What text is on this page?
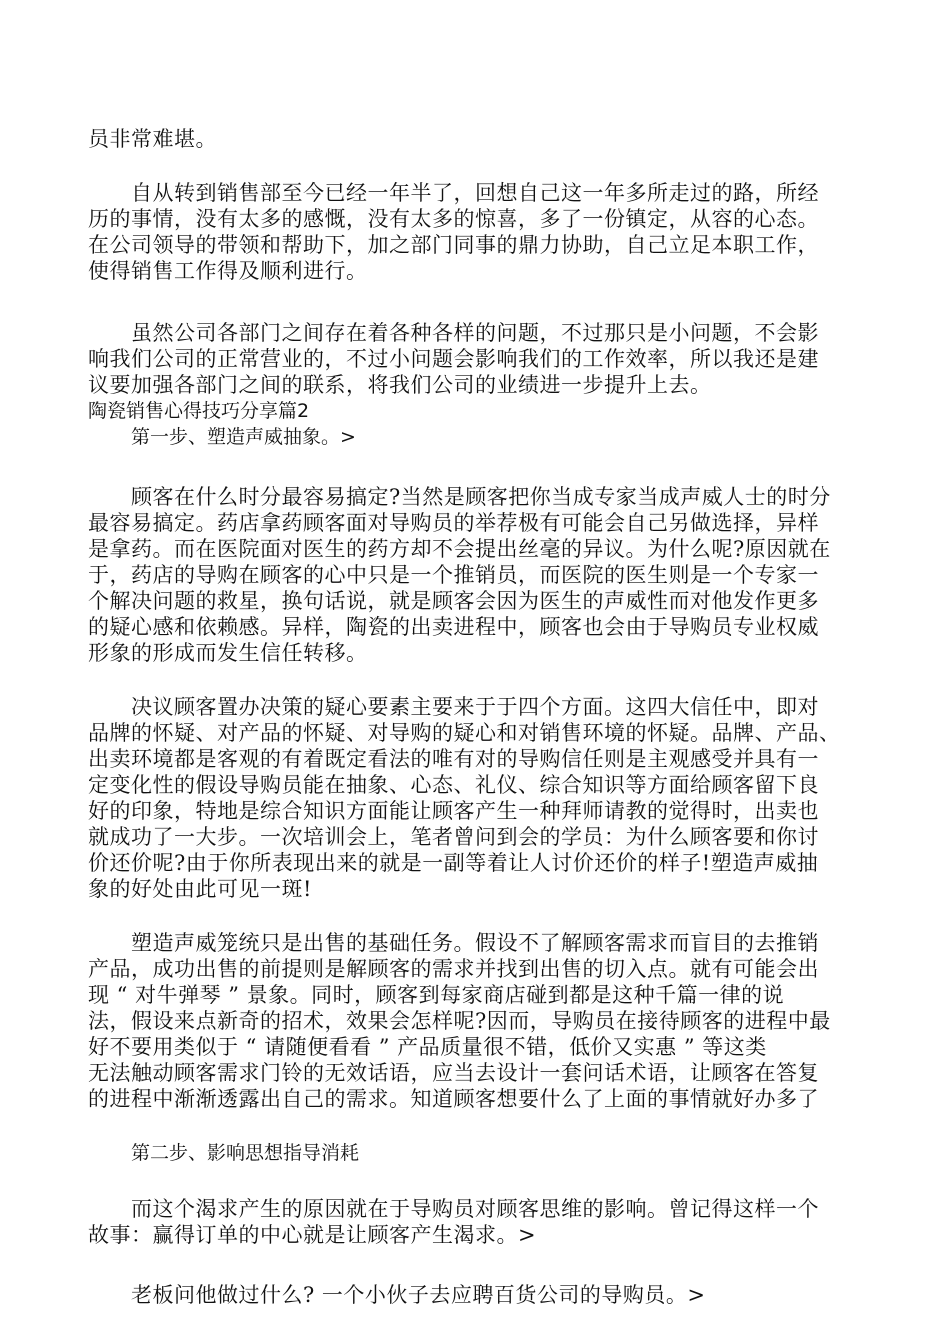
员非常难堪。
自从转到销售部至今已经一年半了，回想自己这一年多所走过的路，所经
历的事情，没有太多的感慨，没有太多的惊喜，多了一份镇定，从容的心态。
在公司领导的带领和帮助下，加之部门同事的鼎力协助，自己立足本职工作，
使得销售工作得及顺利进行。
虽然公司各部门之间存在着各种各样的问题，不过那只是小问题，不会影
响我们公司的正常营业的，不过小问题会影响我们的工作效率，所以我还是建
议要加强各部门之间的联系，将我们公司的业绩进一步提升上去。
陶瓷销售心得技巧分享篇2
第一步、塑造声威抽象。>
顾客在什么时分最容易搞定?当然是顾客把你当成专家当成声威人士的时分
最容易搞定。药店拿药顾客面对导购员的举荐极有可能会自己另做选择，异样
是拿药。而在医院面对医生的药方却不会提出丝毫的异议。为什么呢?原因就在
于，药店的导购在顾客的心中只是一个推销员，而医院的医生则是一个专家一
个解决问题的救星，换句话说，就是顾客会因为医生的声威性而对他发作更多
的疑心感和依赖感。异样，陶瓷的出卖进程中，顾客也会由于导购员专业权威
形象的形成而发生信任转移。
决议顾客置办决策的疑心要素主要来于于四个方面。这四大信任中，即对
品牌的怀疑、对产品的怀疑、对导购的疑心和对销售环境的怀疑。品牌、产品、
出卖环境都是客观的有着既定看法的唯有对的导购信任则是主观感受并具有一
定变化性的假设导购员能在抽象、心态、礼仪、综合知识等方面给顾客留下良
好的印象，特地是综合知识方面能让顾客产生一种拜师请教的觉得时，出卖也
就成功了一大步。一次培训会上，笔者曾问到会的学员：为什么顾客要和你讨
价还价呢?由于你所表现出来的就是一副等着让人讨价还价的样子!塑造声威抽
象的好处由此可见一斑!
塑造声威笼统只是出售的基础任务。假设不了解顾客需求而盲目的去推销
产品，成功出售的前提则是解顾客的需求并找到出售的切入点。就有可能会出
现 “ 对牛弹琴 ” 景象。同时，顾客到每家商店碰到都是这种千篇一律的说
法，假设来点新奇的招术，效果会怎样呢?因而，导购员在接待顾客的进程中最
好不要用类似于 “ 请随便看看 ” 产品质量很不错，低价又实惠 ” 等这类
无法触动顾客需求门铃的无效话语，应当去设计一套问话术语，让顾客在答复
的进程中渐渐透露出自己的需求。知道顾客想要什么了上面的事情就好办多了
第二步、影响思想指导消耗
而这个渴求产生的原因就在于导购员对顾客思维的影响。曾记得这样一个
故事：赢得订单的中心就是让顾客产生渴求。>
老板问他做过什么? 一个小伙子去应聘百货公司的导购员。>
